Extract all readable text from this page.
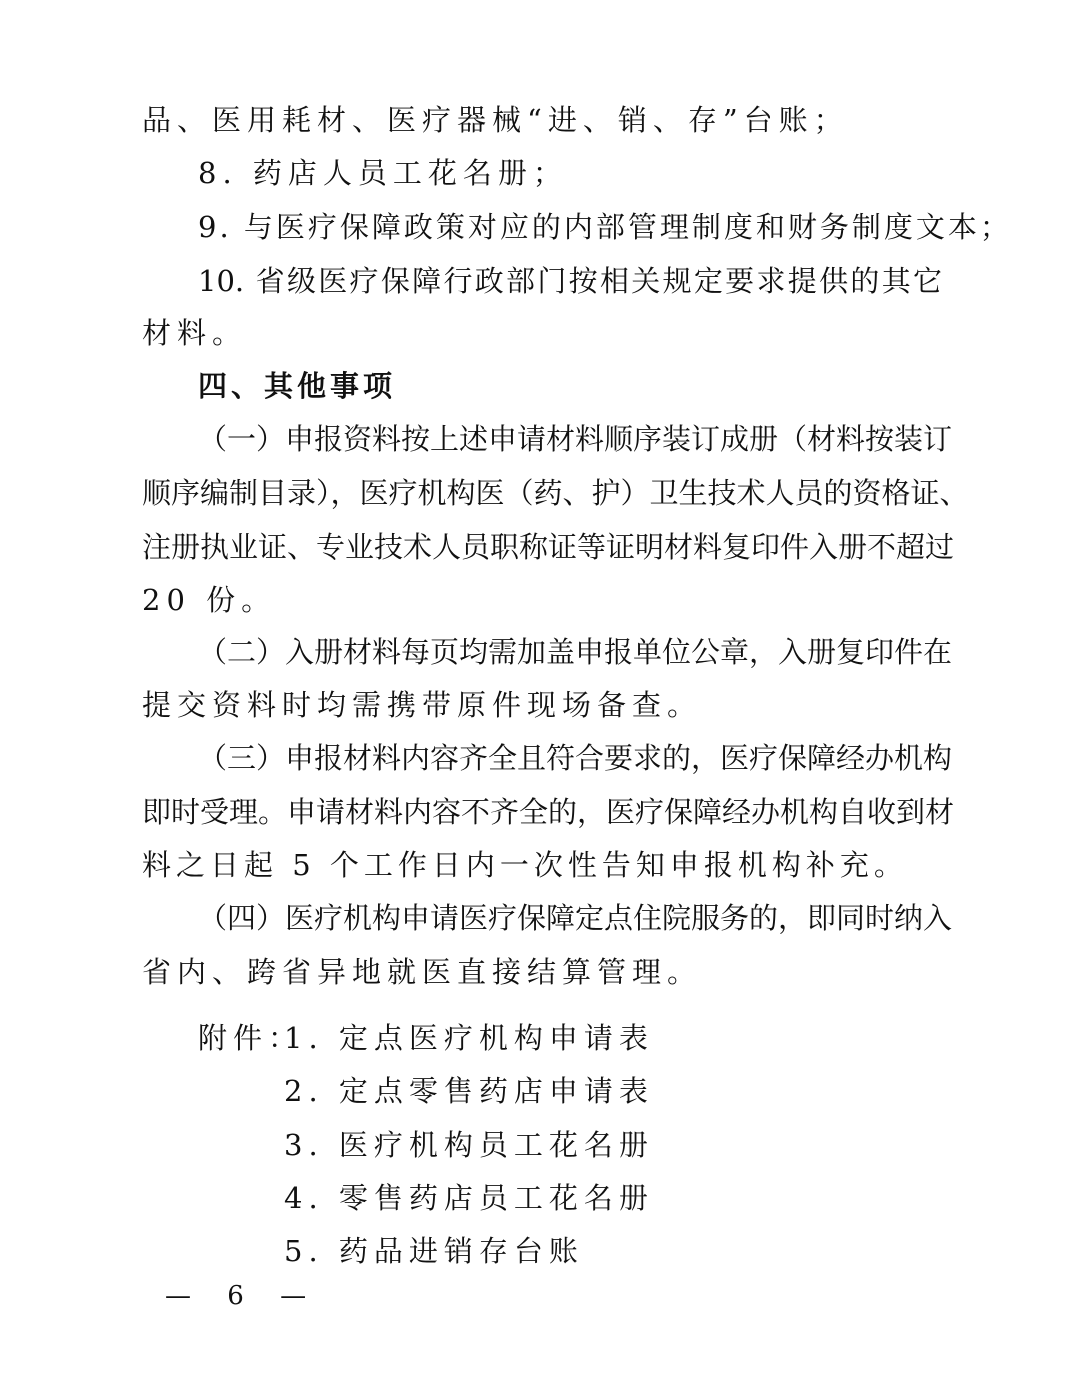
品、医用耗材、医疗器械“进、销、存”台账；
8. 药店人员工花名册；
9. 与医疗保障政策对应的内部管理制度和财务制度文本；
10. 省级医疗保障行政部门按相关规定要求提供的其它
材料。
四、其他事项
（一）申报资料按上述申请材料顺序装订成册（材料按装订
顺序编制目录），医疗机构医（药、护）卫生技术人员的资格证、
注册执业证、专业技术人员职称证等证明材料复印件入册不超过
20 份。
（二）入册材料每页均需加盖申报单位公章，入册复印件在
提交资料时均需携带原件现场备查。
（三）申报材料内容齐全且符合要求的，医疗保障经办机构
即时受理。申请材料内容不齐全的，医疗保障经办机构自收到材
料之日起 5 个工作日内一次性告知申报机构补充。
（四）医疗机构申请医疗保障定点住院服务的，即同时纳入
省内、跨省异地就医直接结算管理。
附件：
1. 定点医疗机构申请表
2. 定点零售药店申请表
3. 医疗机构员工花名册
4. 零售药店员工花名册
5. 药品进销存台账
— 6 —
